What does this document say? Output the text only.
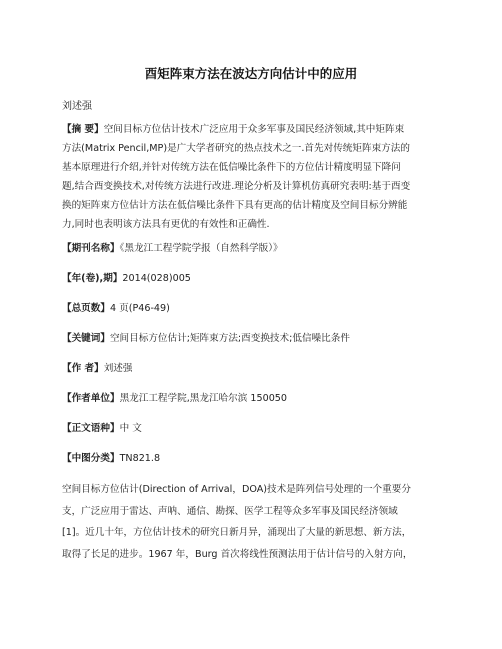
酉矩阵束方法在波达方向估计中的应用
刘述强
【摘 要】空间目标方位估计技术广泛应用于众多军事及国民经济领域,其中矩阵束
方法(Matrix Pencil,MP)是广大学者研究的热点技术之一.首先对传统矩阵束方法的
基本原理进行介绍,并针对传统方法在低信噪比条件下的方位估计精度明显下降问
题,结合酉变换技术,对传统方法进行改进.理论分析及计算机仿真研究表明:基于酉变
换的矩阵束方位估计方法在低信噪比条件下具有更高的估计精度及空间目标分辨能
力,同时也表明该方法具有更优的有效性和正确性.
【期刊名称】《黑龙江工程学院学报（自然科学版）》
【年(卷),期】2014(028)005
【总页数】4 页(P46-49)
【关键词】空间目标方位估计;矩阵束方法;酉变换技术;低信噪比条件
【作 者】刘述强
【作者单位】黑龙江工程学院,黑龙江哈尔滨 150050
【正文语种】中 文
【中图分类】TN821.8
空间目标方位估计(Direction of Arrival，DOA)技术是阵列信号处理的一个重要分
支，广泛应用于雷达、声呐、通信、勘探、医学工程等众多军事及国民经济领域
[1]。近几十年，方位估计技术的研究日新月异，涌现出了大量的新思想、新方法，
取得了长足的进步。1967 年，Burg 首次将线性预测法用于估计信号的入射方向，
